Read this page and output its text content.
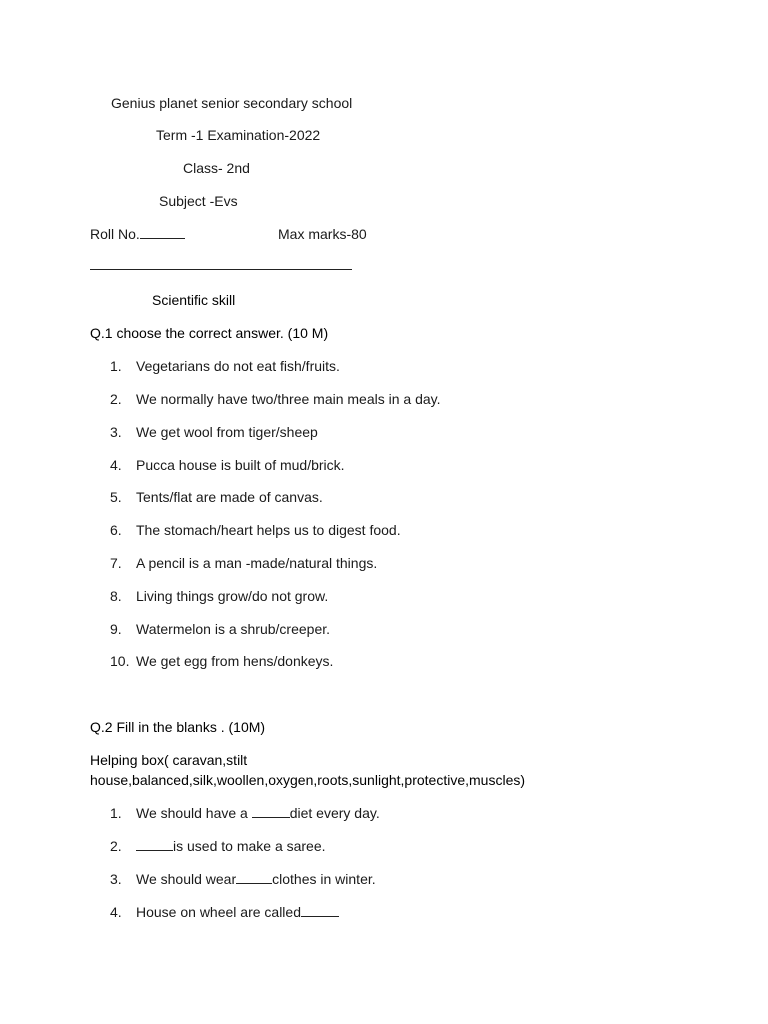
Genius planet senior secondary school
Term -1 Examination-2022
Class- 2nd
Subject -Evs
Roll No.	Max marks-80
Scientific skill
Q.1 choose the correct answer. (10 M)
1. Vegetarians do not eat fish/fruits.
2. We normally have two/three main meals in a day.
3. We get wool from tiger/sheep
4. Pucca house is built of mud/brick.
5. Tents/flat are made of canvas.
6. The stomach/heart helps us to digest food.
7. A pencil is a man -made/natural things.
8. Living things grow/do not grow.
9. Watermelon is a shrub/creeper.
10. We get egg from hens/donkeys.
Q.2 Fill in the blanks . (10M)
Helping box( caravan,stilt
house,balanced,silk,woollen,oxygen,roots,sunlight,protective,muscles)
1. We should have a	diet every day.
2.	is used to make a saree.
3. We should wear	clothes in winter.
4. House on wheel are called
